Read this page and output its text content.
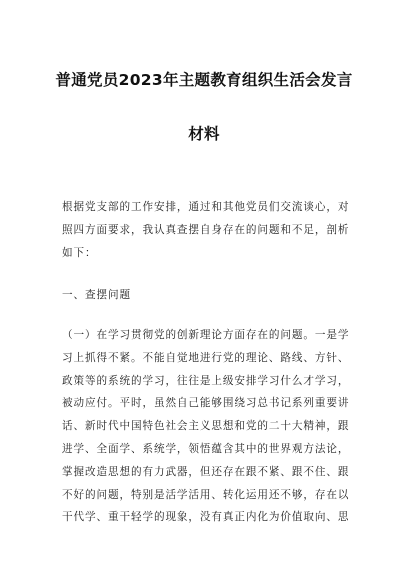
普通党员2023年主题教育组织生活会发言
材料
根据党支部的工作安排，通过和其他党员们交流谈心，对
照四方面要求，我认真查摆自身存在的问题和不足，剖析
如下：
一、查摆问题
（一）在学习贯彻党的创新理论方面存在的问题。一是学
习上抓得不紧。不能自觉地进行党的理论、路线、方针、
政策等的系统的学习，往往是上级安排学习什么才学习，
被动应付。平时，虽然自己能够围绕习总书记系列重要讲
话、新时代中国特色社会主义思想和党的二十大精神，跟
进学、全面学、系统学，领悟蕴含其中的世界观方法论，
掌握改造思想的有力武器，但还存在跟不紧、跟不住、跟
不好的问题，特别是活学活用、转化运用还不够，存在以
干代学、重干轻学的现象，没有真正内化为价值取向、思
